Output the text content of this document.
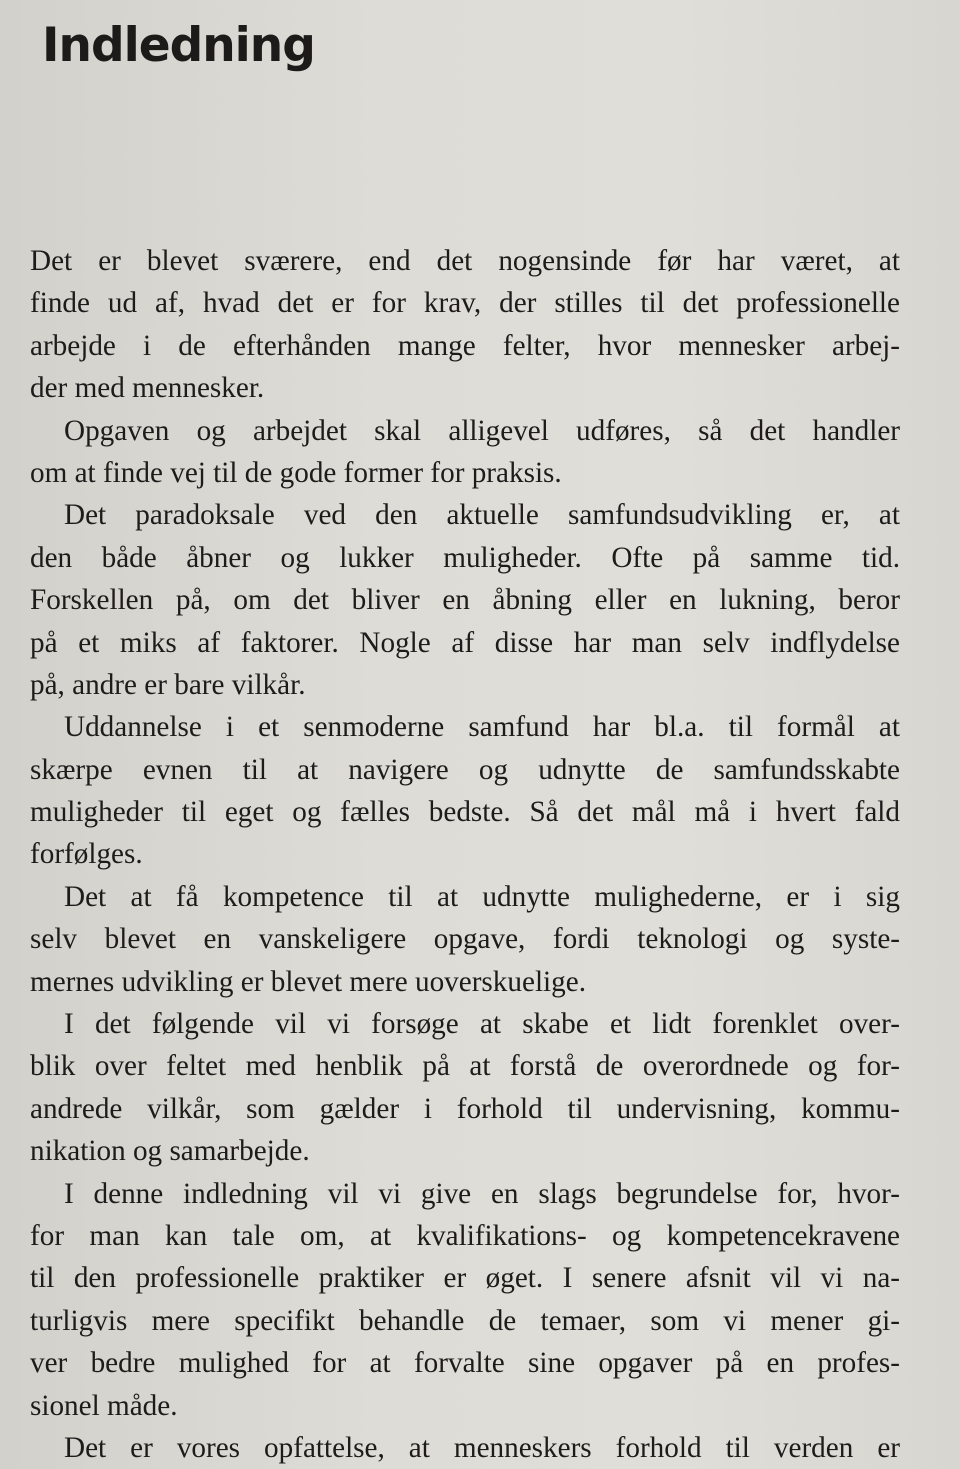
Indledning
Det er blevet sværere, end det nogensinde før har været, at
finde ud af, hvad det er for krav, der stilles til det professionelle
arbejde i de efterhånden mange felter, hvor mennesker arbej-
der med mennesker.
Opgaven og arbejdet skal alligevel udføres, så det handler
om at finde vej til de gode former for praksis.
Det paradoksale ved den aktuelle samfundsudvikling er, at
den både åbner og lukker muligheder. Ofte på samme tid.
Forskellen på, om det bliver en åbning eller en lukning, beror
på et miks af faktorer. Nogle af disse har man selv indflydelse
på, andre er bare vilkår.
Uddannelse i et senmoderne samfund har bl.a. til formål at
skærpe evnen til at navigere og udnytte de samfundsskabte
muligheder til eget og fælles bedste. Så det mål må i hvert fald
forfølges.
Det at få kompetence til at udnytte mulighederne, er i sig
selv blevet en vanskeligere opgave, fordi teknologi og syste-
mernes udvikling er blevet mere uoverskuelige.
I det følgende vil vi forsøge at skabe et lidt forenklet over-
blik over feltet med henblik på at forstå de overordnede og for-
andrede vilkår, som gælder i forhold til undervisning, kommu-
nikation og samarbejde.
I denne indledning vil vi give en slags begrundelse for, hvor-
for man kan tale om, at kvalifikations- og kompetencekravene
til den professionelle praktiker er øget. I senere afsnit vil vi na-
turligvis mere specifikt behandle de temaer, som vi mener gi-
ver bedre mulighed for at forvalte sine opgaver på en profes-
sionel måde.
Det er vores opfattelse, at menneskers forhold til verden er
